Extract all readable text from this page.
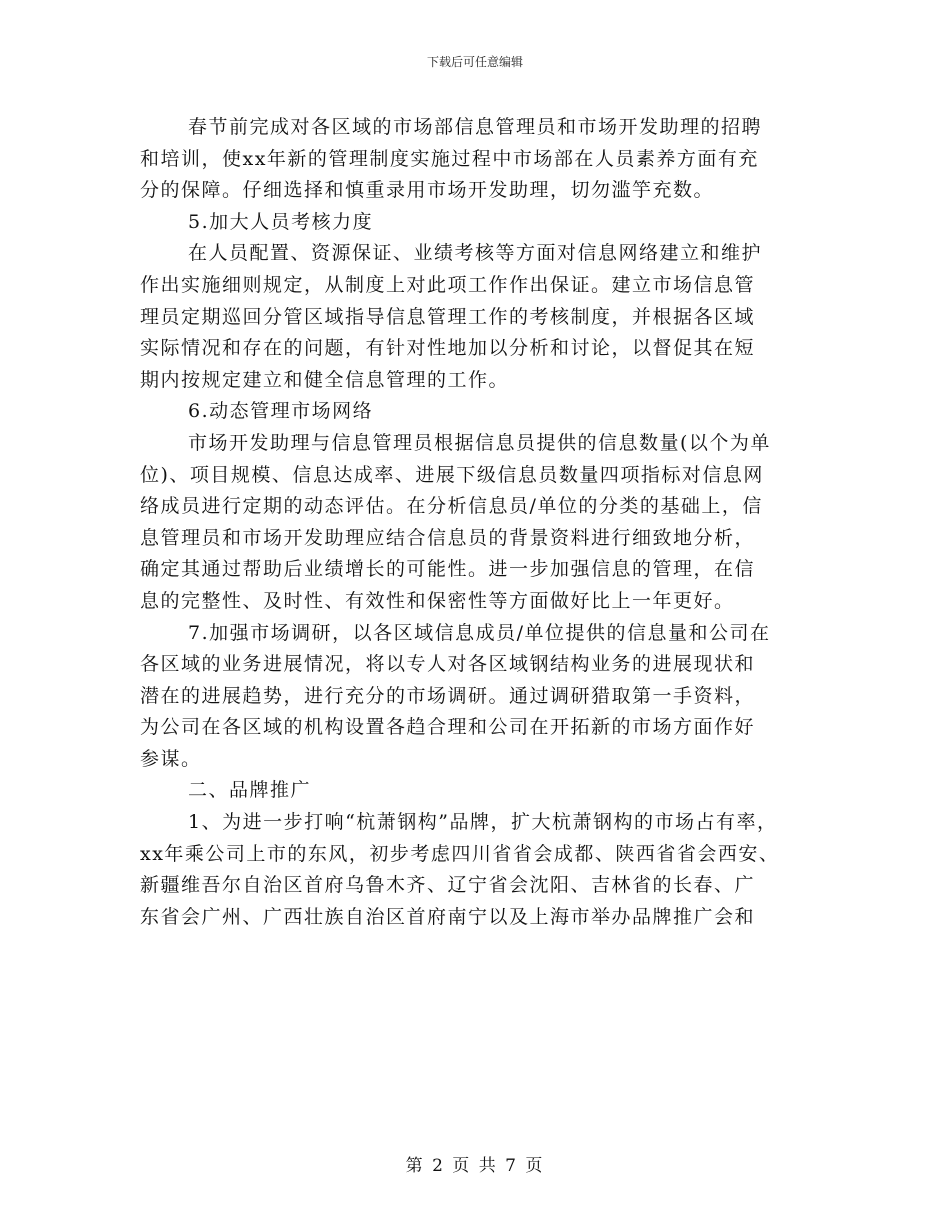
下载后可任意编辑
春节前完成对各区域的市场部信息管理员和市场开发助理的招聘
和培训，使xx年新的管理制度实施过程中市场部在人员素养方面有充
分的保障。仔细选择和慎重录用市场开发助理，切勿滥竽充数。
5.加大人员考核力度
在人员配置、资源保证、业绩考核等方面对信息网络建立和维护
作出实施细则规定，从制度上对此项工作作出保证。建立市场信息管
理员定期巡回分管区域指导信息管理工作的考核制度，并根据各区域
实际情况和存在的问题，有针对性地加以分析和讨论，以督促其在短
期内按规定建立和健全信息管理的工作。
6.动态管理市场网络
市场开发助理与信息管理员根据信息员提供的信息数量(以个为单
位)、项目规模、信息达成率、进展下级信息员数量四项指标对信息网
络成员进行定期的动态评估。在分析信息员/单位的分类的基础上，信
息管理员和市场开发助理应结合信息员的背景资料进行细致地分析，
确定其通过帮助后业绩增长的可能性。进一步加强信息的管理，在信
息的完整性、及时性、有效性和保密性等方面做好比上一年更好。
7.加强市场调研，以各区域信息成员/单位提供的信息量和公司在
各区域的业务进展情况，将以专人对各区域钢结构业务的进展现状和
潜在的进展趋势，进行充分的市场调研。通过调研猎取第一手资料，
为公司在各区域的机构设置各趋合理和公司在开拓新的市场方面作好
参谋。
二、品牌推广
1、为进一步打响“杭萧钢构”品牌，扩大杭萧钢构的市场占有率，
xx年乘公司上市的东风，初步考虑四川省省会成都、陕西省省会西安、
新疆维吾尔自治区首府乌鲁木齐、辽宁省会沈阳、吉林省的长春、广
东省会广州、广西壮族自治区首府南宁以及上海市举办品牌推广会和
第 2 页 共 7 页
